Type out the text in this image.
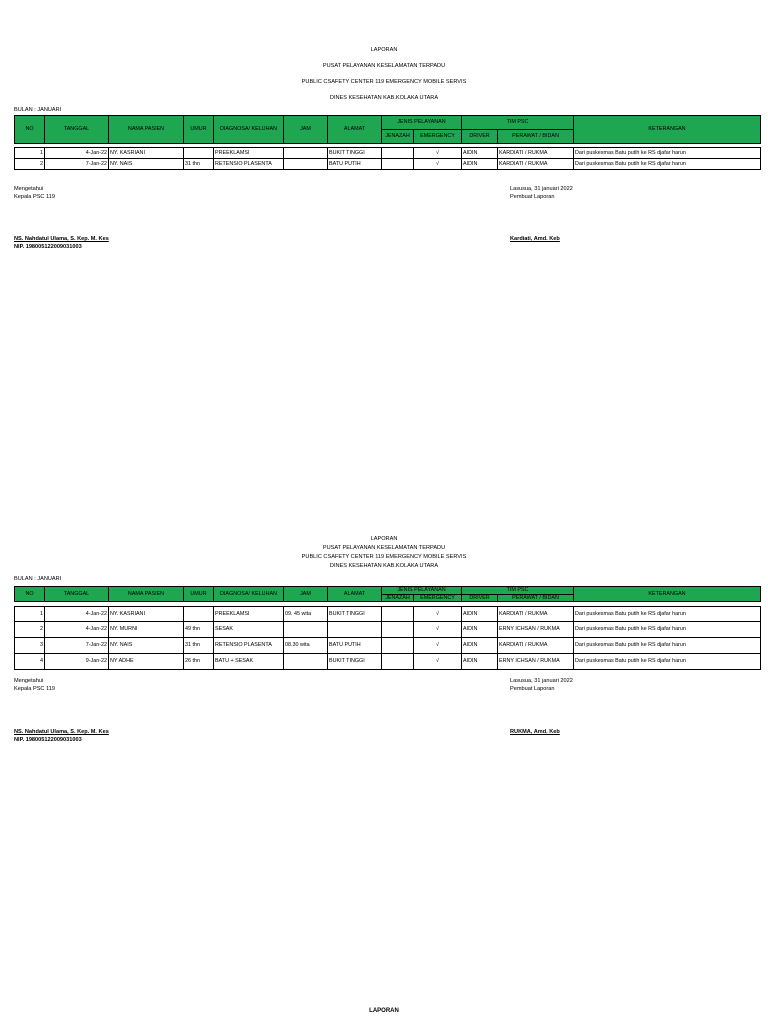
LAPORAN
PUSAT PELAYANAN KESELAMATAN TERPADU
PUBLIC CSAFETY CENTER 119 EMERGENCY MOBILE SERVIS
DINES KESEHATAN KAB.KOLAKA UTARA
BULAN : JANUARI
NO	TANGGAL	NAMA PASIEN	UMUR	DIAGNOSA/ KELUHAN	JAM	ALAMAT	JENIS PELAYANAN		TIM PSC		KETERANGAN
							JENAZAH	EMERGENCY	DRIVER	PERAWAT / BIDAN	

1	4-Jan-22	NY. KASRIANI		PREEKLAMSI		BUKIT TINGGI		√	AIDIN	KARDIATI / RUKMA	Dari puskesmas Batu putih ke RS djafar harun
2	7-Jan-22	NY. NAIS	31 thn	RETENSIO PLASENTA		BATU PUTIH		√	AIDIN	KARDIATI / RUKMA	Dari puskesmas Batu putih ke RS djafar harun
Mengetahui
Kepala PSC 119
NS. Nahdatul Ulama, S. Kep. M. Kes
NIP. 198005122009031003
Lasusua, 31 januari 2022
Pembuat Laporan
Kardiati, Amd. Keb
LAPORAN
PUSAT PELAYANAN KESELAMATAN TERPADU
PUBLIC CSAFETY CENTER 119 EMERGENCY MOBILE SERVIS
DINES KESEHATAN KAB.KOLAKA UTARA
BULAN : JANUARI
NO	TANGGAL	NAMA PASIEN	UMUR	DIAGNOSA/ KELUHAN	JAM	ALAMAT	JENIS PELAYANAN		TIM PSC		KETERANGAN
							JENAZAH	EMERGENCY	DRIVER	PERAWAT / BIDAN	

1	4-Jan-22	NY. KASRIANI		PREEKLAMSI	09. 45 wita	BUKIT TINGGI		√	AIDIN	KARDIATI / RUKMA	Dari puskesmas Batu putih ke RS djafar harun
2	4-Jan-22	NY. MURNI	49 thn	SESAK				√	AIDIN	ERNY ICHSAN / RUKMA	Dari puskesmas Batu putih ke RS djafar harun
3	7-Jan-22	NY. NAIS	31 thn	RETENSIO PLASENTA	08.30 wita	BATU PUTIH		√	AIDIN	KARDIATI / RUKMA	Dari puskesmas Batu putih ke RS djafar harun
4	9-Jan-22	NY ADHE	26 thn	BATU + SESAK		BUKIT TINGGI		√	AIDIN	ERNY ICHSAN / RUKMA	Dari puskesmas Batu putih ke RS djafar harun
Mengetahui
Kepala PSC 119
NS. Nahdatul Ulama, S. Kep. M. Kes
NIP. 198005122009031003
Lasusua, 31 januari 2022
Pembuat Laporan
RUKMA, Amd. Keb
LAPORAN
